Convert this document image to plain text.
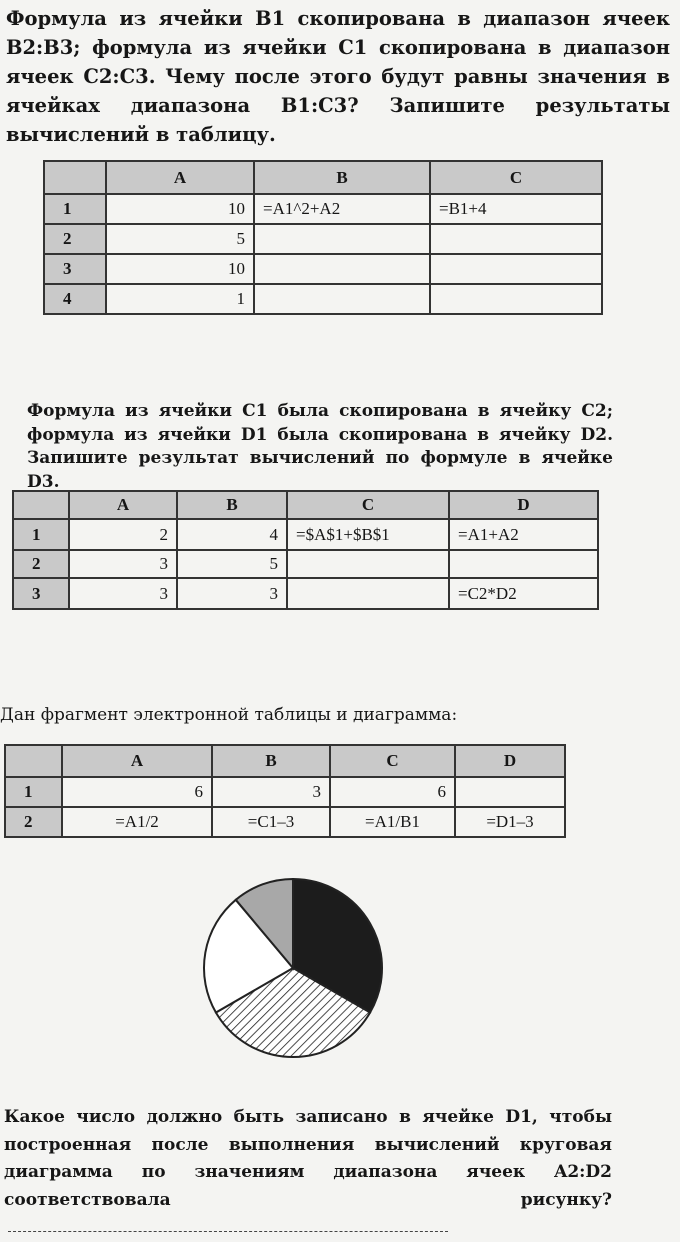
Формула из ячейки B1 скопирована в диапазон ячеек B2:B3; формула из ячейки C1 скопирована в диапазон ячеек C2:C3. Чему после этого будут равны значения в ячейках диапазона B1:C3? Запишите результаты вычислений в таблицу.

	A	B	C
1	10	=A1^2+A2	=B1+4
2	5		
3	10		
4	1		

Формула из ячейки C1 была скопирована в ячейку C2; формула из ячейки D1 была скопирована в ячейку D2. Запишите результат вычислений по формуле в ячейке D3.

	A	B	C	D
1	2	4	=$A$1+$B$1	=A1+A2
2	3	5		
3	3	3		=C2*D2

Дан фрагмент электронной таблицы и диаграмма:

	A	B	C	D
1	6	3	6	
2	=A1/2	=C1–3	=A1/B1	=D1–3

Какое число должно быть записано в ячейке D1, чтобы построенная после выполнения вычислений круговая диаграмма по значениям диапазона ячеек A2:D2 соответствовала рисунку?
